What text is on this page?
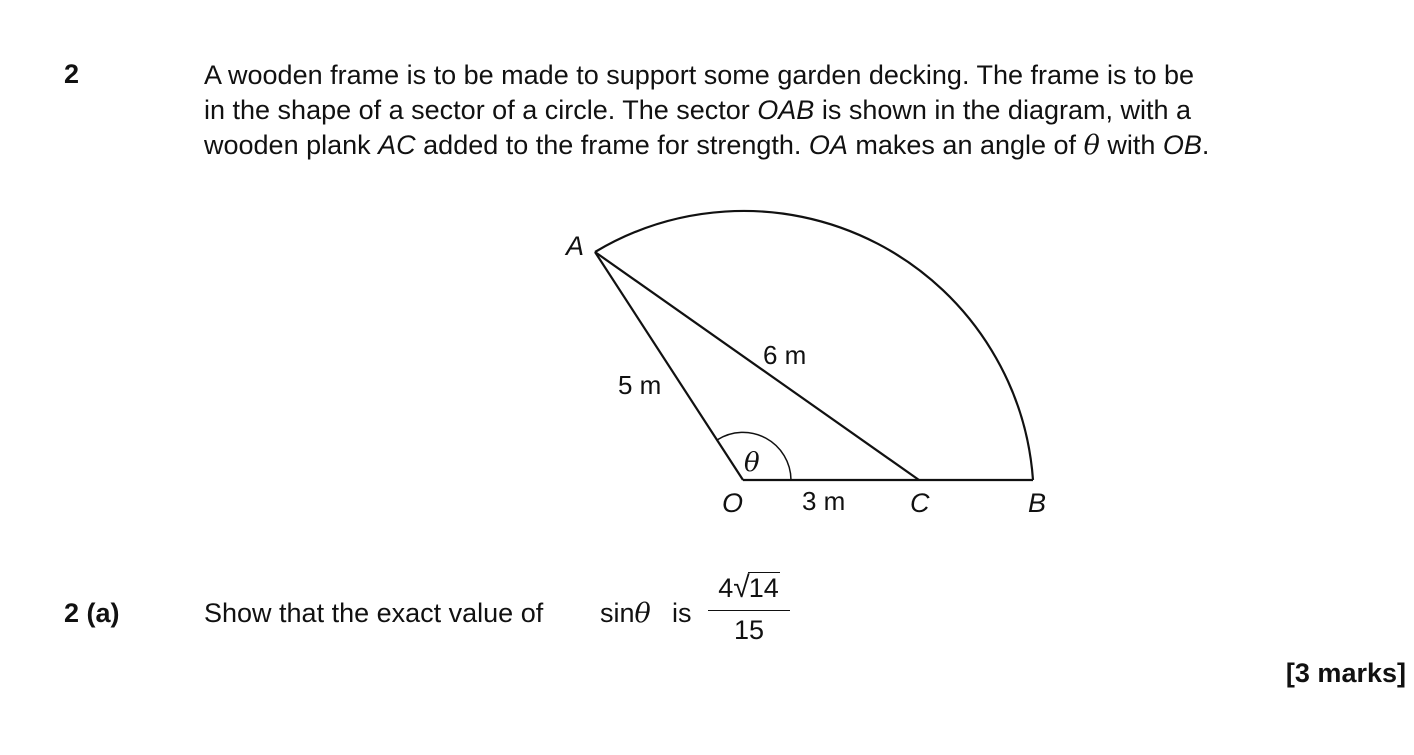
2	A wooden frame is to be made to support some garden decking. The frame is to be
in the shape of a sector of a circle. The sector OAB is shown in the diagram, with a
wooden plank AC added to the frame for strength. OA makes an angle of θ with OB.
A
O	C	B
5 m
6 m
3 m
θ
2 (a)	Show that the exact value of sinθ is
4√14
15
[3 marks]
